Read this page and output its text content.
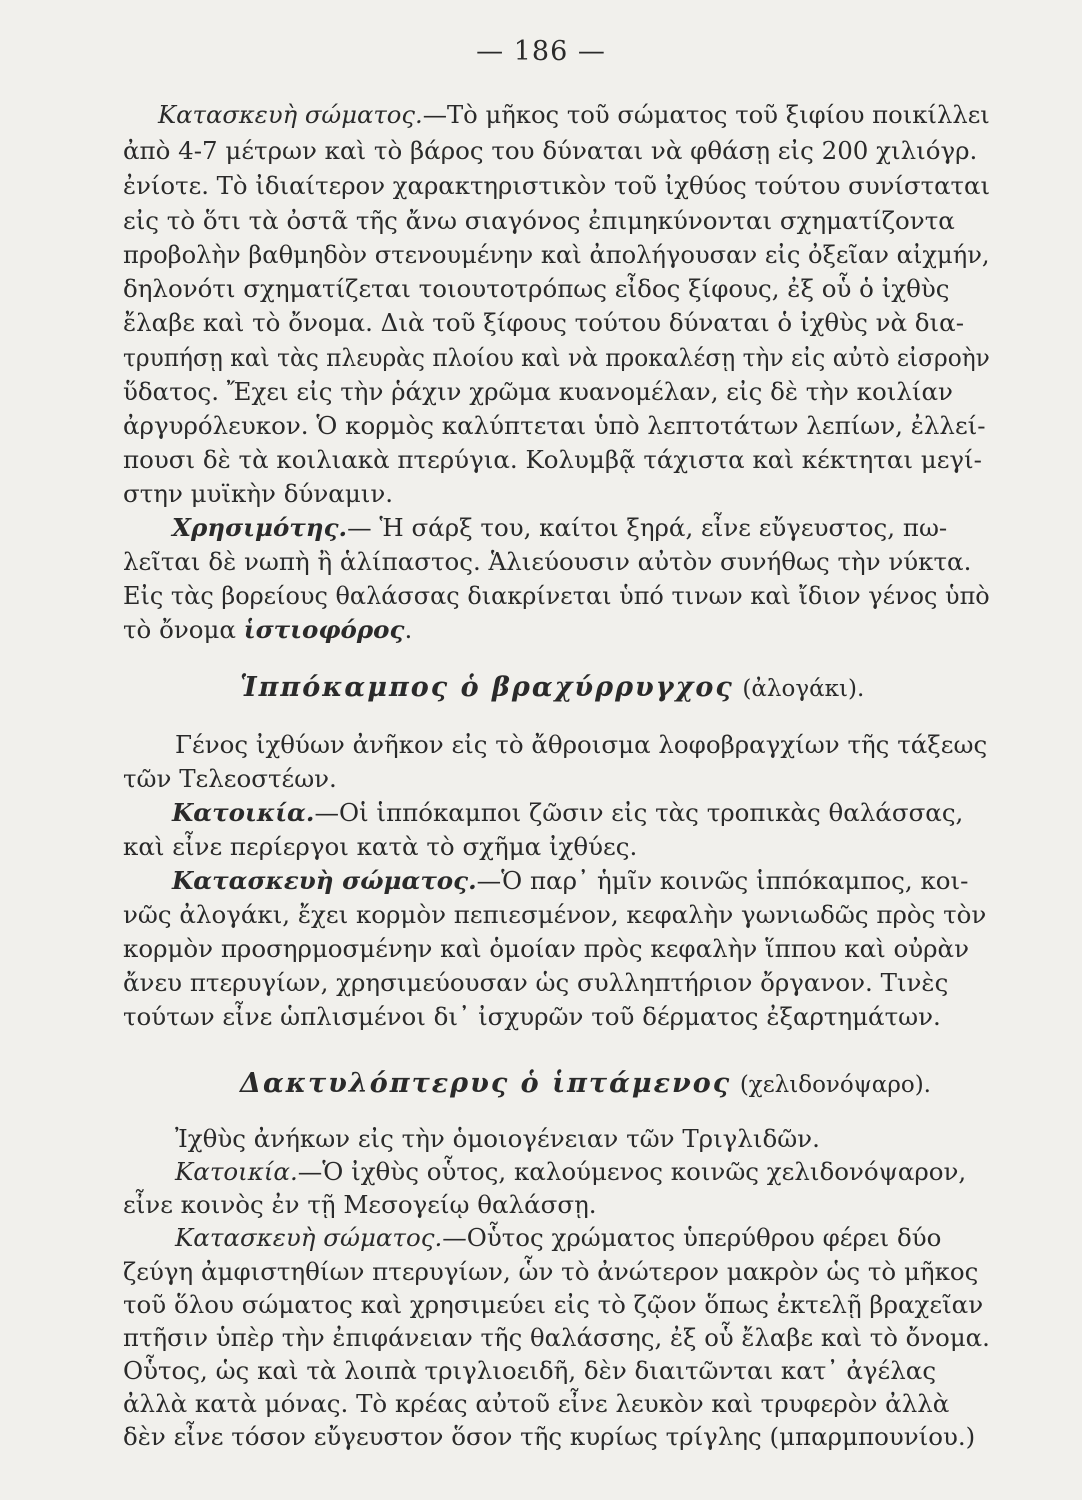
— 186 —
Κατασκευὴ σώματος.—Τὸ μῆκος τοῦ σώματος τοῦ ξιφίου ποικίλλει
ἀπὸ 4-7 μέτρων καὶ τὸ βάρος του δύναται νὰ φθάσῃ εἰς 200 χιλιόγρ.
ἐνίοτε. Τὸ ἰδιαίτερον χαρακτηριστικὸν τοῦ ἰχθύος τούτου συνίσταται
εἰς τὸ ὅτι τὰ ὀστᾶ τῆς ἄνω σιαγόνος ἐπιμηκύνονται σχηματίζοντα
προβολὴν βαθμηδὸν στενουμένην καὶ ἀπολήγουσαν εἰς ὀξεῖαν αἰχμήν,
δηλονότι σχηματίζεται τοιουτοτρόπως εἶδος ξίφους, ἐξ οὗ ὁ ἰχθὺς
ἔλαβε καὶ τὸ ὄνομα. Διὰ τοῦ ξίφους τούτου δύναται ὁ ἰχθὺς νὰ δια-
τρυπήσῃ καὶ τὰς πλευρὰς πλοίου καὶ νὰ προκαλέσῃ τὴν εἰς αὐτὸ εἰσροὴν
ὕδατος. Ἔχει εἰς τὴν ῥάχιν χρῶμα κυανομέλαν, εἰς δὲ τὴν κοιλίαν
ἀργυρόλευκον. Ὁ κορμὸς καλύπτεται ὑπὸ λεπτοτάτων λεπίων, ἐλλεί-
πουσι δὲ τὰ κοιλιακὰ πτερύγια. Κολυμβᾷ τάχιστα καὶ κέκτηται μεγί-
στην μυϊκὴν δύναμιν.
Χρησιμότης.— Ἡ σάρξ του, καίτοι ξηρά, εἶνε εὔγευστος, πω-
λεῖται δὲ νωπὴ ἢ ἁλίπαστος. Ἁλιεύουσιν αὐτὸν συνήθως τὴν νύκτα.
Εἰς τὰς βορείους θαλάσσας διακρίνεται ὑπό τινων καὶ ἴδιον γένος ὑπὸ
τὸ ὄνομα ἱστιοφόρος.
Ἱππόκαμπος ὁ βραχύρρυγχος (ἀλογάκι).
Γένος ἰχθύων ἀνῆκον εἰς τὸ ἄθροισμα λοφοβραγχίων τῆς τάξεως
τῶν Τελεοστέων.
Κατοικία.—Οἱ ἱππόκαμποι ζῶσιν εἰς τὰς τροπικὰς θαλάσσας,
καὶ εἶνε περίεργοι κατὰ τὸ σχῆμα ἰχθύες.
Κατασκευὴ σώματος.—Ὁ παρ᾽ ἡμῖν κοινῶς ἱππόκαμπος, κοι-
νῶς ἀλογάκι, ἔχει κορμὸν πεπιεσμένον, κεφαλὴν γωνιωδῶς πρὸς τὸν
κορμὸν προσηρμοσμένην καὶ ὁμοίαν πρὸς κεφαλὴν ἵππου καὶ οὐρὰν
ἄνευ πτερυγίων, χρησιμεύουσαν ὡς συλληπτήριον ὄργανον. Τινὲς
τούτων εἶνε ὡπλισμένοι δι᾽ ἰσχυρῶν τοῦ δέρματος ἐξαρτημάτων.
Δακτυλόπτερυς ὁ ἱπτάμενος (χελιδονόψαρο).
Ἰχθὺς ἀνήκων εἰς τὴν ὁμοιογένειαν τῶν Τριγλιδῶν.
Κατοικία.—Ὁ ἰχθὺς οὗτος, καλούμενος κοινῶς χελιδονόψαρον,
εἶνε κοινὸς ἐν τῇ Μεσογείῳ θαλάσσῃ.
Κατασκευὴ σώματος.—Οὗτος χρώματος ὑπερύθρου φέρει δύο
ζεύγη ἀμφιστηθίων πτερυγίων, ὧν τὸ ἀνώτερον μακρὸν ὡς τὸ μῆκος
τοῦ ὅλου σώματος καὶ χρησιμεύει εἰς τὸ ζῷον ὅπως ἐκτελῇ βραχεῖαν
πτῆσιν ὑπὲρ τὴν ἐπιφάνειαν τῆς θαλάσσης, ἐξ οὗ ἔλαβε καὶ τὸ ὄνομα.
Οὗτος, ὡς καὶ τὰ λοιπὰ τριγλιοειδῆ, δὲν διαιτῶνται κατ᾽ ἀγέλας
ἀλλὰ κατὰ μόνας. Τὸ κρέας αὐτοῦ εἶνε λευκὸν καὶ τρυφερὸν ἀλλὰ
δὲν εἶνε τόσον εὔγευστον ὅσον τῆς κυρίως τρίγλης (μπαρμπουνίου.)
